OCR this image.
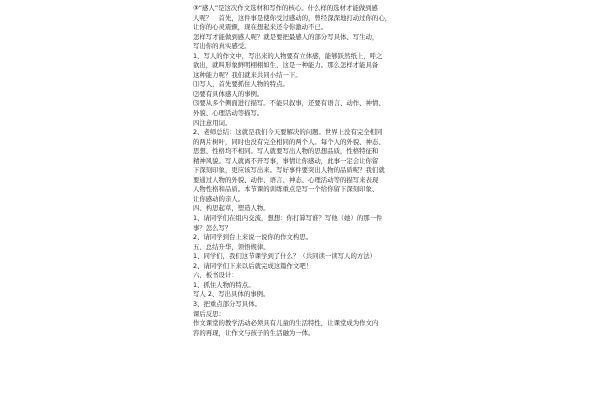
③“感人”是这次作文选材和写作的核心。什么样的选材才能做到感
人呢？　首先，这件事是使你受过感动的，曾经深深地打动过你的心，
让你的心灵震颤，现在想起来还令你激动不已。
怎样写才能做到感人呢？就是要把最感人的部分写具体、写生动，
写出你的真实感受。
1、写人的作文中，写出来的人物要有立体感，能够跃然纸上，呼之
欲出，就叫形象鲜明栩栩如生，这是一种能力。那么怎样才能具备
这种能力呢？我们就来共同小结一下。
⑴写人，首先要抓住人物的特点。
⑵要有具体感人的事例。
⑶要从多个侧面进行描写。不能只叙事，还要有语言、动作、神情、
外貌、心理活动等描写。
四注意用词。
2、老师总结：这就是我们今天要解决的问题。世界上没有完全相同
的两片树叶，同时也没有完全相同的两个人。每个人的外貌、神态、
思想、性格均不相同。写人就要写出人物的思想品质，性格特征和
精神风貌。写人就离不开写事，事情让你感动，此事一定会让你留
下深刻印象，更应该写出来。写好事件要突出人物的品质呢？我们就
要通过人物的外貌、动作、语言、神态、心理活动等的描写来表现
人物性格和品质。本节课的训练重点是写一个给你留下深刻印象、
让你感动的亲人。
四、构思起草，塑造人物。
1、请同学们在组内交流，想想：你打算写谁？写他（她）的那一件
事？怎么写？
2、请同学到台上来说一说你的作文构思。
五、总结升华，领悟规律。
1、同学们，我们这节课学到了什么？（共同读一读写人的方法）
2、请同学们下来以后就完成这篇作文吧！
六、板书设计：
1、抓住人物的特点。
写人 2、写出具体的事例。
3、把重点部分写具体。
课后反思：
作文课堂的教学活动必须具有儿童的生活特性，让课堂成为作文内
容的再现，让作文与孩子的生活融为一体。
